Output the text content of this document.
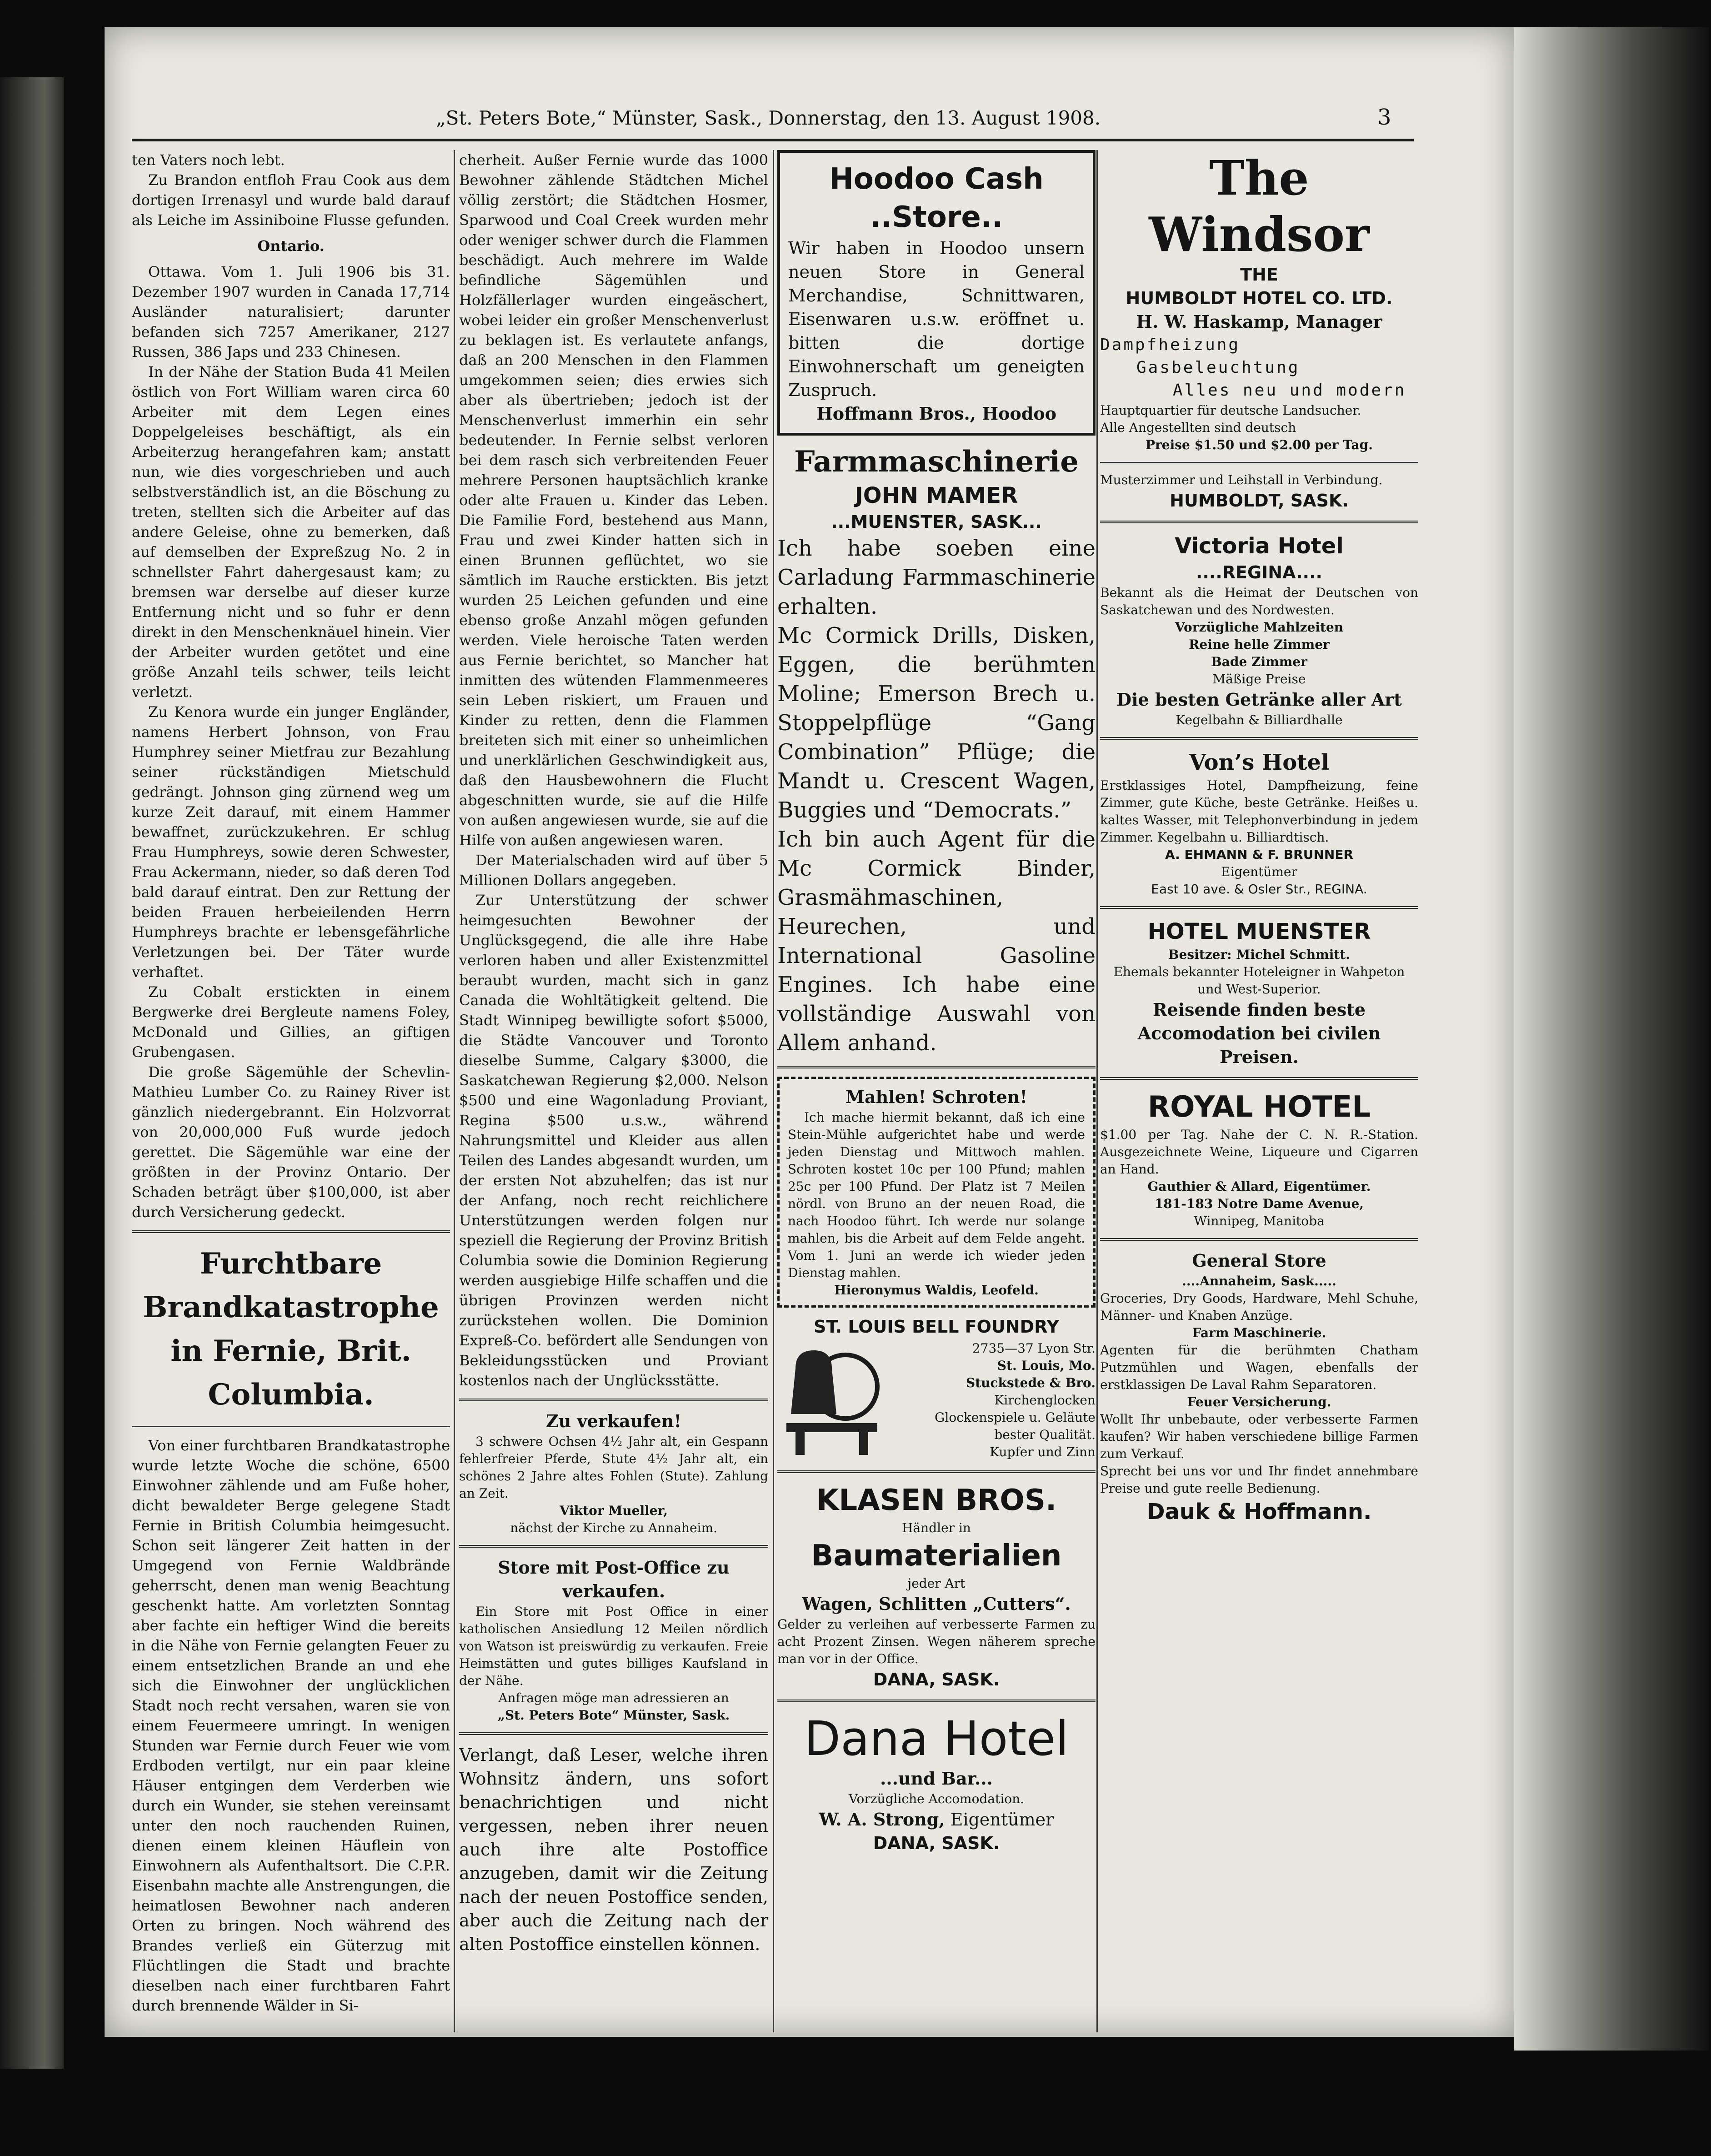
„St. Peters Bote,“ Münster, Sask., Donnerstag, den 13. August 1908.	3

ten Vaters noch lebt.

Zu Brandon entfloh Frau Cook aus dem dortigen Irrenasyl und wurde bald darauf als Leiche im Assiniboine Flusse gefunden.

Ontario.

Ottawa. Vom 1. Juli 1906 bis 31. Dezember 1907 wurden in Canada 17,714 Ausländer naturalisiert; darunter befanden sich 7257 Amerikaner, 2127 Russen, 386 Japs und 233 Chinesen.

In der Nähe der Station Buda 41 Meilen östlich von Fort William waren circa 60 Arbeiter mit dem Legen eines Doppelgeleises beschäftigt, als ein Arbeiterzug herangefahren kam; anstatt nun, wie dies vorgeschrieben und auch selbstverständlich ist, an die Böschung zu treten, stellten sich die Arbeiter auf das andere Geleise, ohne zu bemerken, daß auf demselben der Expreßzug No. 2 in schnellster Fahrt dahergesaust kam; zu bremsen war derselbe auf dieser kurze Entfernung nicht und so fuhr er denn direkt in den Menschenknäuel hinein. Vier der Arbeiter wurden getötet und eine größe Anzahl teils schwer, teils leicht verletzt.

Zu Kenora wurde ein junger Engländer, namens Herbert Johnson, von Frau Humphrey seiner Mietfrau zur Bezahlung seiner rückständigen Mietschuld gedrängt. Johnson ging zürnend weg um kurze Zeit darauf, mit einem Hammer bewaffnet, zurückzukehren. Er schlug Frau Humphreys, sowie deren Schwester, Frau Ackermann, nieder, so daß deren Tod bald darauf eintrat. Den zur Rettung der beiden Frauen herbeieilenden Herrn Humphreys brachte er lebensgefährliche Verletzungen bei. Der Täter wurde verhaftet.

Zu Cobalt erstickten in einem Bergwerke drei Bergleute namens Foley, McDonald und Gillies, an giftigen Grubengasen.

Die große Sägemühle der Schevlin-Mathieu Lumber Co. zu Rainey River ist gänzlich niedergebrannt. Ein Holzvorrat von 20,000,000 Fuß wurde jedoch gerettet. Die Sägemühle war eine der größten in der Provinz Ontario. Der Schaden beträgt über $100,000, ist aber durch Versicherung gedeckt.

Furchtbare Brandkatastrophe in Fernie, Brit. Columbia.

Von einer furchtbaren Brandkatastrophe wurde letzte Woche die schöne, 6500 Einwohner zählende und am Fuße hoher, dicht bewaldeter Berge gelegene Stadt Fernie in British Columbia heimgesucht. Schon seit längerer Zeit hatten in der Umgegend von Fernie Waldbrände geherrscht, denen man wenig Beachtung geschenkt hatte. Am vorletzten Sonntag aber fachte ein heftiger Wind die bereits in die Nähe von Fernie gelangten Feuer zu einem entsetzlichen Brande an und ehe sich die Einwohner der unglücklichen Stadt noch recht versahen, waren sie von einem Feuermeere umringt. In wenigen Stunden war Fernie durch Feuer wie vom Erdboden vertilgt, nur ein paar kleine Häuser entgingen dem Verderben wie durch ein Wunder, sie stehen vereinsamt unter den noch rauchenden Ruinen, dienen einem kleinen Häuflein von Einwohnern als Aufenthaltsort. Die C.P.R. Eisenbahn machte alle Anstrengungen, die heimatlosen Bewohner nach anderen Orten zu bringen. Noch während des Brandes verließ ein Güterzug mit Flüchtlingen die Stadt und brachte dieselben nach einer furchtbaren Fahrt durch brennende Wälder in Si-

cherheit. Außer Fernie wurde das 1000 Bewohner zählende Städtchen Michel völlig zerstört; die Städtchen Hosmer, Sparwood und Coal Creek wurden mehr oder weniger schwer durch die Flammen beschädigt. Auch mehrere im Walde befindliche Sägemühlen und Holzfällerlager wurden eingeäschert, wobei leider ein großer Menschenverlust zu beklagen ist. Es verlautete anfangs, daß an 200 Menschen in den Flammen umgekommen seien; dies erwies sich aber als übertrieben; jedoch ist der Menschenverlust immerhin ein sehr bedeutender. In Fernie selbst verloren bei dem rasch sich verbreitenden Feuer mehrere Personen hauptsächlich kranke oder alte Frauen u. Kinder das Leben. Die Familie Ford, bestehend aus Mann, Frau und zwei Kinder hatten sich in einen Brunnen geflüchtet, wo sie sämtlich im Rauche erstickten. Bis jetzt wurden 25 Leichen gefunden und eine ebenso große Anzahl mögen gefunden werden. Viele heroische Taten werden aus Fernie berichtet, so Mancher hat inmitten des wütenden Flammenmeeres sein Leben riskiert, um Frauen und Kinder zu retten, denn die Flammen breiteten sich mit einer so unheimlichen und unerklärlichen Geschwindigkeit aus, daß den Hausbewohnern die Flucht abgeschnitten wurde, sie auf die Hilfe von außen angewiesen wurde, sie auf die Hilfe von außen angewiesen waren.

Der Materialschaden wird auf über 5 Millionen Dollars angegeben.

Zur Unterstützung der schwer heimgesuchten Bewohner der Unglücksgegend, die alle ihre Habe verloren haben und aller Existenzmittel beraubt wurden, macht sich in ganz Canada die Wohltätigkeit geltend. Die Stadt Winnipeg bewilligte sofort $5000, die Städte Vancouver und Toronto dieselbe Summe, Calgary $3000, die Saskatchewan Regierung $2,000. Nelson $500 und eine Wagonladung Proviant, Regina $500 u.s.w., während Nahrungsmittel und Kleider aus allen Teilen des Landes abgesandt wurden, um der ersten Not abzuhelfen; das ist nur der Anfang, noch recht reichlichere Unterstützungen werden folgen nur speziell die Regierung der Provinz British Columbia sowie die Dominion Regierung werden ausgiebige Hilfe schaffen und die übrigen Provinzen werden nicht zurückstehen wollen. Die Dominion Expreß-Co. befördert alle Sendungen von Bekleidungsstücken und Proviant kostenlos nach der Unglücksstätte.

Zu verkaufen!

3 schwere Ochsen 4½ Jahr alt, ein Gespann fehlerfreier Pferde, Stute 4½ Jahr alt, ein schönes 2 Jahre altes Fohlen (Stute). Zahlung an Zeit.

Viktor Mueller,

nächst der Kirche zu Annaheim.

Store mit Post-Office zu verkaufen.

Ein Store mit Post Office in einer katholischen Ansiedlung 12 Meilen nördlich von Watson ist preiswürdig zu verkaufen. Freie Heimstätten und gutes billiges Kaufsland in der Nähe.

Anfragen möge man adressieren an

„St. Peters Bote“ Münster, Sask.

Verlangt, daß Leser, welche ihren Wohnsitz ändern, uns sofort benachrichtigen und nicht vergessen, neben ihrer neuen auch ihre alte Postoffice anzugeben, damit wir die Zeitung nach der neuen Postoffice senden, aber auch die Zeitung nach der alten Postoffice einstellen können.

Hoodoo Cash ..Store..

Wir haben in Hoodoo unsern neuen Store in General Merchandise, Schnittwaren, Eisenwaren u.s.w. eröffnet u. bitten die dortige Einwohnerschaft um geneigten Zuspruch.

Hoffmann Bros., Hoodoo

Farmmaschinerie

JOHN MAMER

...MUENSTER, SASK...

Ich habe soeben eine Carladung Farmmaschinerie erhalten.

Mc Cormick Drills, Disken, Eggen, die berühmten Moline; Emerson Brech u. Stoppelpflüge “Gang Combination” Pflüge; die Mandt u. Crescent Wagen, Buggies und “Democrats.”

Ich bin auch Agent für die Mc Cormick Binder, Grasmähmaschinen, Heurechen, und International Gasoline Engines. Ich habe eine vollständige Auswahl von Allem anhand.

Mahlen! Schroten!

Ich mache hiermit bekannt, daß ich eine Stein-Mühle aufgerichtet habe und werde jeden Dienstag und Mittwoch mahlen. Schroten kostet 10c per 100 Pfund; mahlen 25c per 100 Pfund. Der Platz ist 7 Meilen nördl. von Bruno an der neuen Road, die nach Hoodoo führt. Ich werde nur solange mahlen, bis die Arbeit auf dem Felde angeht. Vom 1. Juni an werde ich wieder jeden Dienstag mahlen.

Hieronymus Waldis, Leofeld.

ST. LOUIS BELL FOUNDRY

2735—37 Lyon Str.

St. Louis, Mo.

Stuckstede & Bro.

Kirchenglocken

Glockenspiele u. Geläute

bester Qualität.

Kupfer und Zinn

KLASEN BROS.

Händler in

Baumaterialien

jeder Art

Wagen, Schlitten „Cutters“.

Gelder zu verleihen auf verbesserte Farmen zu acht Prozent Zinsen. Wegen näherem spreche man vor in der Office.

DANA, SASK.

Dana Hotel

...und Bar...

Vorzügliche Accomodation.

W. A. Strong, Eigentümer

DANA, SASK.

The Windsor

THE

HUMBOLDT HOTEL CO. LTD.

H. W. Haskamp, Manager

Dampfheizung

Gasbeleuchtung

Alles neu und modern

Hauptquartier für deutsche Landsucher.

Alle Angestellten sind deutsch

Preise $1.50 und $2.00 per Tag.

Musterzimmer und Leihstall in Verbindung.

HUMBOLDT, SASK.

Victoria Hotel

....REGINA....

Bekannt als die Heimat der Deutschen von Saskatchewan und des Nordwesten.

Vorzügliche Mahlzeiten

Reine helle Zimmer

Bade Zimmer

Mäßige Preise

Die besten Getränke aller Art

Kegelbahn & Billiardhalle

Von’s Hotel

Erstklassiges Hotel, Dampfheizung, feine Zimmer, gute Küche, beste Getränke. Heißes u. kaltes Wasser, mit Telephonverbindung in jedem Zimmer. Kegelbahn u. Billiardtisch.

A. EHMANN & F. BRUNNER

Eigentümer

East 10 ave. & Osler Str., REGINA.

HOTEL MUENSTER

Besitzer: Michel Schmitt.

Ehemals bekannter Hoteleigner in Wahpeton und West-Superior.

Reisende finden beste Accomodation bei civilen Preisen.

ROYAL HOTEL

$1.00 per Tag. Nahe der C. N. R.-Station. Ausgezeichnete Weine, Liqueure und Cigarren an Hand.

Gauthier & Allard, Eigentümer.

181-183 Notre Dame Avenue,

Winnipeg, Manitoba

General Store

....Annaheim, Sask.....

Groceries, Dry Goods, Hardware, Mehl Schuhe, Männer- und Knaben Anzüge.

Farm Maschinerie.

Agenten für die berühmten Chatham Putzmühlen und Wagen, ebenfalls der erstklassigen De Laval Rahm Separatoren.

Feuer Versicherung.

Wollt Ihr unbebaute, oder verbesserte Farmen kaufen? Wir haben verschiedene billige Farmen zum Verkauf.

Sprecht bei uns vor und Ihr findet annehmbare Preise und gute reelle Bedienung.

Dauk & Hoffmann.
